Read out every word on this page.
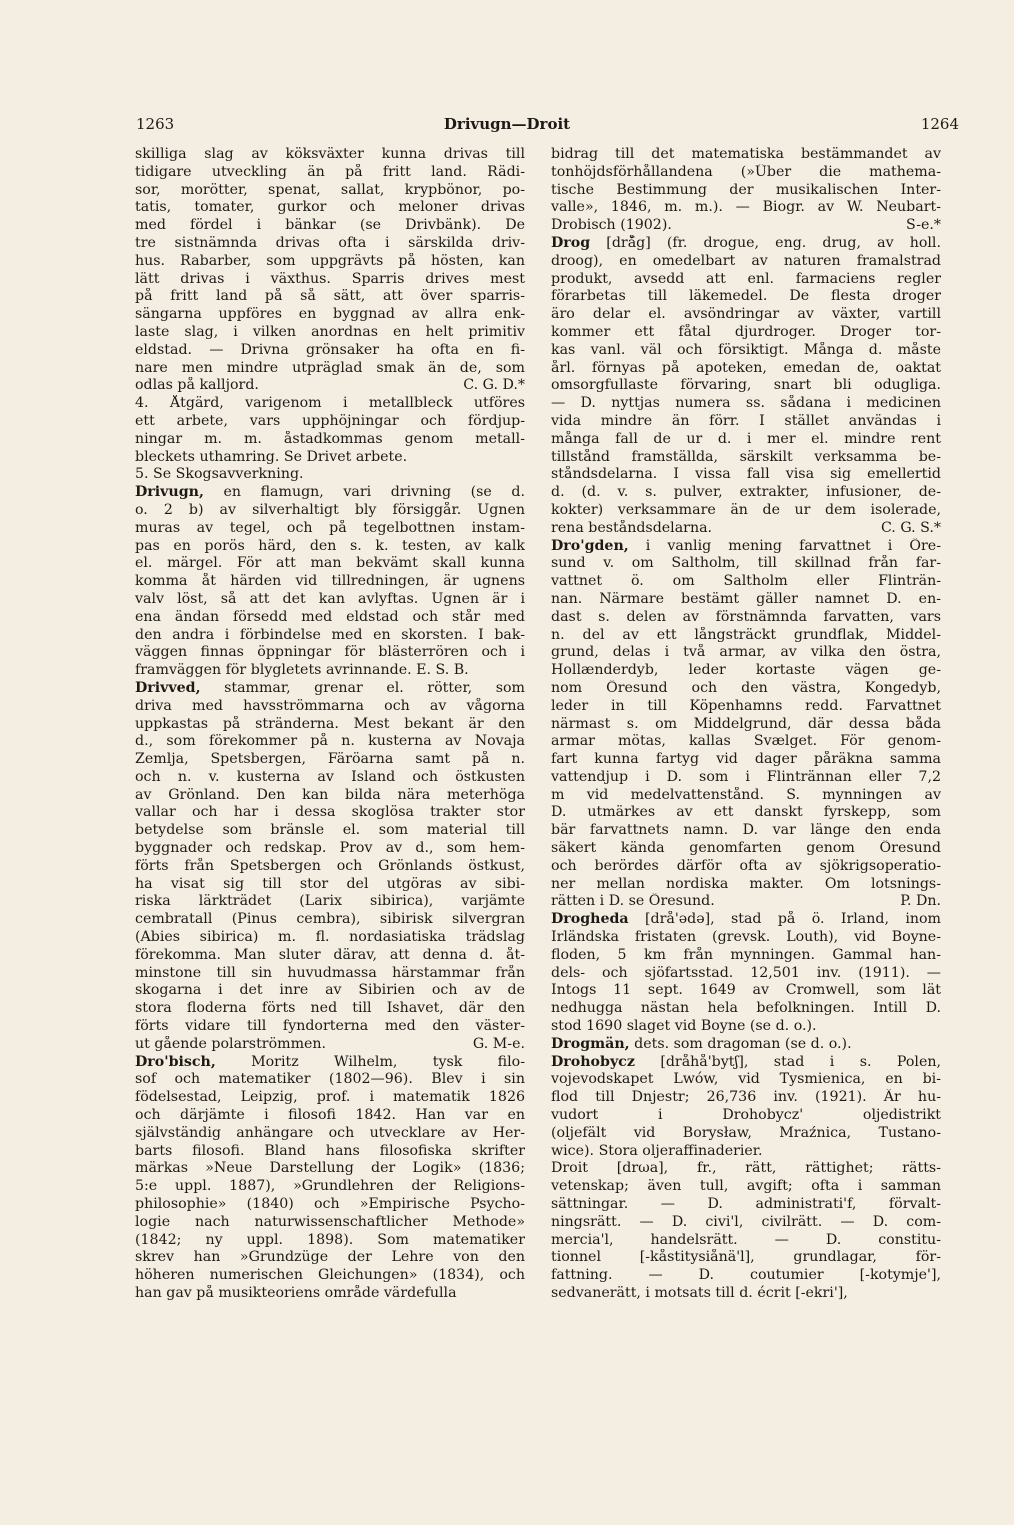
1263	Drivugn—Droit	1264
skilliga slag av köksväxter kunna drivas till
tidigare utveckling än på fritt land. Rädi-
sor, morötter, spenat, sallat, krypbönor, po-
tatis, tomater, gurkor och meloner drivas
med fördel i bänkar (se Drivbänk). De
tre sistnämnda drivas ofta i särskilda driv-
hus. Rabarber, som uppgrävts på hösten, kan
lätt drivas i växthus. Sparris drives mest
på fritt land på så sätt, att över sparris-
sängarna uppföres en byggnad av allra enk-
laste slag, i vilken anordnas en helt primitiv
eldstad. — Drivna grönsaker ha ofta en fi-
nare men mindre utpräglad smak än de, som
C. G. D.*
odlas på kalljord.
4. Åtgärd, varigenom i metallbleck utföres
ett arbete, vars upphöjningar och fördjup-
ningar m. m. åstadkommas genom metall-
bleckets uthamring. Se Drivet arbete.
5. Se Skogsavverkning.
Drivugn, en flamugn, vari drivning (se d.
o. 2 b) av silverhaltigt bly försiggår. Ugnen
muras av tegel, och på tegelbottnen instam-
pas en porös härd, den s. k. testen, av kalk
el. märgel. För att man bekvämt skall kunna
komma åt härden vid tillredningen, är ugnens
valv löst, så att det kan avlyftas. Ugnen är i
ena ändan försedd med eldstad och står med
den andra i förbindelse med en skorsten. I bak-
väggen finnas öppningar för blästerrören och i
framväggen för blygletets avrinnande. E. S. B.
Drivved, stammar, grenar el. rötter, som
driva med havsströmmarna och av vågorna
uppkastas på stränderna. Mest bekant är den
d., som förekommer på n. kusterna av Novaja
Zemlja, Spetsbergen, Färöarna samt på n.
och n. v. kusterna av Island och östkusten
av Grönland. Den kan bilda nära meterhöga
vallar och har i dessa skoglösa trakter stor
betydelse som bränsle el. som material till
byggnader och redskap. Prov av d., som hem-
förts från Spetsbergen och Grönlands östkust,
ha visat sig till stor del utgöras av sibi-
riska lärkträdet (Larix sibirica), varjämte
cembratall (Pinus cembra), sibirisk silvergran
(Abies sibirica) m. fl. nordasiatiska trädslag
förekomma. Man sluter därav, att denna d. åt-
minstone till sin huvudmassa härstammar från
skogarna i det inre av Sibirien och av de
stora floderna förts ned till Ishavet, där den
förts vidare till fyndorterna med den väster-
G. M-e.
ut gående polarströmmen.
Dro'bisch, Moritz Wilhelm, tysk filo-
sof och matematiker (1802—96). Blev i sin
födelsestad, Leipzig, prof. i matematik 1826
och därjämte i filosofi 1842. Han var en
självständig anhängare och utvecklare av Her-
barts filosofi. Bland hans filosofiska skrifter
märkas »Neue Darstellung der Logik» (1836;
5:e uppl. 1887), »Grundlehren der Religions-
philosophie» (1840) och »Empirische Psycho-
logie nach naturwissenschaftlicher Methode»
(1842; ny uppl. 1898). Som matematiker
skrev han »Grundzüge der Lehre von den
höheren numerischen Gleichungen» (1834), och
han gav på musikteoriens område värdefulla
bidrag till det matematiska bestämmandet av
tonhöjdsförhållandena (»Über die mathema-
tische Bestimmung der musikalischen Inter-
valle», 1846, m. m.). — Biogr. av W. Neubart-
S-e.*
Drobisch (1902).
Drog [drå̄g] (fr. drogue, eng. drug, av holl.
droog), en omedelbart av naturen framalstrad
produkt, avsedd att enl. farmaciens regler
förarbetas till läkemedel. De flesta droger
äro delar el. avsöndringar av växter, vartill
kommer ett fåtal djurdroger. Droger tor-
kas vanl. väl och försiktigt. Många d. måste
årl. förnyas på apoteken, emedan de, oaktat
omsorgfullaste förvaring, snart bli odugliga.
— D. nyttjas numera ss. sådana i medicinen
vida mindre än förr. I stället användas i
många fall de ur d. i mer el. mindre rent
tillstånd framställda, särskilt verksamma be-
ståndsdelarna. I vissa fall visa sig emellertid
d. (d. v. s. pulver, extrakter, infusioner, de-
kokter) verksammare än de ur dem isolerade,
C. G. S.*
rena beståndsdelarna.
Dro'gden, i vanlig mening farvattnet i Öre-
sund v. om Saltholm, till skillnad från far-
vattnet ö. om Saltholm eller Flinträn-
nan. Närmare bestämt gäller namnet D. en-
dast s. delen av förstnämnda farvatten, vars
n. del av ett långsträckt grundflak, Middel-
grund, delas i två armar, av vilka den östra,
Hollænderdyb, leder kortaste vägen ge-
nom Öresund och den västra, Kongedyb,
leder in till Köpenhamns redd. Farvattnet
närmast s. om Middelgrund, där dessa båda
armar mötas, kallas Svælget. För genom-
fart kunna fartyg vid dager påräkna samma
vattendjup i D. som i Flintrännan eller 7,2
m vid medelvattenstånd. S. mynningen av
D. utmärkes av ett danskt fyrskepp, som
bär farvattnets namn. D. var länge den enda
säkert kända genomfarten genom Öresund
och berördes därför ofta av sjökrigsoperatio-
ner mellan nordiska makter. Om lotsnings-
P. Dn.
rätten i D. se Öresund.
Drogheda [drå'ədə], stad på ö. Irland, inom
Irländska fristaten (grevsk. Louth), vid Boyne-
floden, 5 km från mynningen. Gammal han-
dels- och sjöfartsstad. 12,501 inv. (1911). —
Intogs 11 sept. 1649 av Cromwell, som lät
nedhugga nästan hela befolkningen. Intill D.
stod 1690 slaget vid Boyne (se d. o.).
Drogmän, dets. som dragoman (se d. o.).
Drohobycz [dråhå'bytʃ], stad i s. Polen,
vojevodskapet Lwów, vid Tysmienica, en bi-
flod till Dnjestr; 26,736 inv. (1921). Är hu-
vudort i Drohobycz' oljedistrikt
(oljefält vid Borysław, Mraźnica, Tustano-
wice). Stora oljeraffinaderier.
Droit [drωa], fr., rätt, rättighet; rätts-
vetenskap; även tull, avgift; ofta i samman
sättningar. — D. administrati'f, förvalt-
ningsrätt. — D. civi'l, civilrätt. — D. com-
mercia'l, handelsrätt. — D. constitu-
tionnel [-kåstitysiånä'l], grundlagar, för-
fattning. — D. coutumier [-kotymje'],
sedvanerätt, i motsats till d. écrit [-ekri'],
